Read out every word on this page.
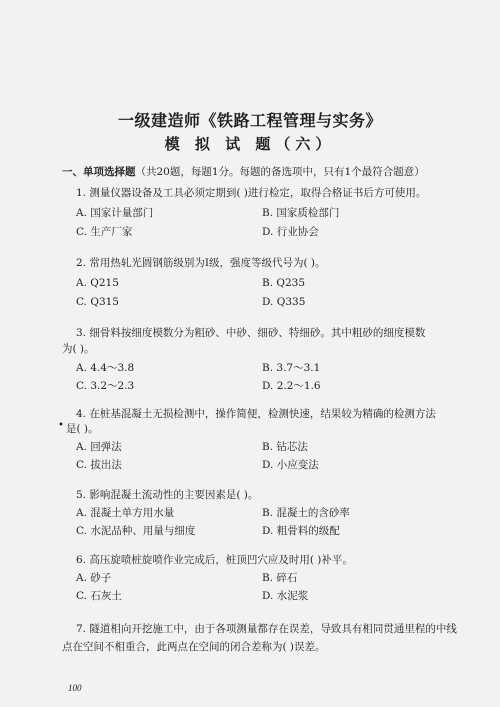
一级建造师《铁路工程管理与实务》
模 拟 试 题（六）
一、单项选择题（共20题，每题1分。每题的备选项中，只有1个最符合题意）
1. 测量仪器设备及工具必须定期到( )进行检定，取得合格证书后方可使用。
A. 国家计量部门	B. 国家质检部门
C. 生产厂家	D. 行业协会
2. 常用热轧光圆钢筋级别为Ⅰ级，强度等级代号为( )。
A. Q215	B. Q235
C. Q315	D. Q335
3. 细骨料按细度模数分为粗砂、中砂、细砂、特细砂。其中粗砂的细度模数
为( )。
A. 4.4～3.8	B. 3.7～3.1
C. 3.2～2.3	D. 2.2～1.6
4. 在桩基混凝土无损检测中，操作简便，检测快速，结果较为精确的检测方法
• 是( )。
A. 回弹法	B. 钻芯法
C. 拔出法	D. 小应变法
5. 影响混凝土流动性的主要因素是( )。
A. 混凝土单方用水量	B. 混凝土的含砂率
C. 水泥品种、用量与细度	D. 粗骨料的级配
6. 高压旋喷桩旋喷作业完成后，桩顶凹穴应及时用( )补平。
A. 砂子	B. 碎石
C. 石灰土	D. 水泥浆
7. 隧道相向开挖施工中，由于各项测量都存在误差，导致具有相同贯通里程的中线
点在空间不相重合，此两点在空间的闭合差称为( )误差。
100
